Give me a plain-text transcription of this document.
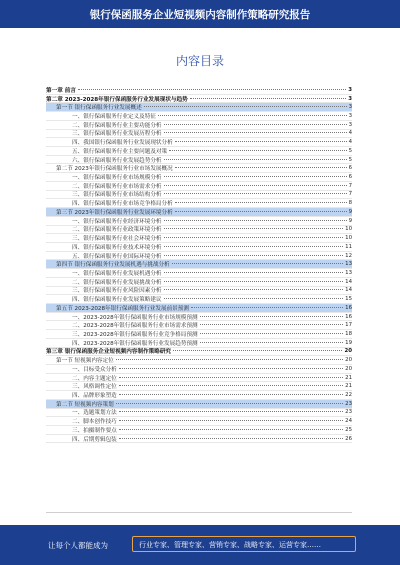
银行保函服务企业短视频内容制作策略研究报告
内容目录
第一章 前言	3
第二章 2023-2028年银行保函服务行业发展现状与趋势	3
第一节 银行保函服务行业发展概述	3
一、银行保函服务行业定义及特征	3
二、银行保函服务行业主要功能分析	3
三、银行保函服务行业发展历程分析	4
四、我国银行保函服务行业发展现状分析	4
五、银行保函服务行业主要问题及对策	5
六、银行保函服务行业发展趋势分析	5
第二节 2023年银行保函服务行业市场发展概况	6
一、银行保函服务行业市场规模分析	6
二、银行保函服务行业市场需求分析	7
三、银行保函服务行业市场结构分析	7
四、银行保函服务行业市场竞争格局分析	8
第三节 2023年银行保函服务行业发展环境分析	9
一、银行保函服务行业经济环境分析	9
二、银行保函服务行业政策环境分析	10
三、银行保函服务行业社会环境分析	10
四、银行保函服务行业技术环境分析	11
五、银行保函服务行业国际环境分析	12
第四节 银行保函服务行业发展机遇与挑战分析	13
一、银行保函服务行业发展机遇分析	13
二、银行保函服务行业发展挑战分析	14
三、银行保函服务行业风险因素分析	14
四、银行保函服务行业发展策略建议	15
第五节 2023-2028年银行保函服务行业发展前景预测	16
一、2023-2028年银行保函服务行业市场规模预测	16
二、2023-2028年银行保函服务行业市场需求预测	17
三、2023-2028年银行保函服务行业竞争格局预测	18
四、2023-2028年银行保函服务行业发展趋势预测	19
第三章 银行保函服务企业短视频内容制作策略研究	20
第一节 短视频内容定位	20
一、目标受众分析	20
二、内容主题定位	21
三、风格调性定位	21
四、品牌形象塑造	22
第二节 短视频内容策划	23
一、选题策划方法	23
二、脚本创作技巧	24
三、拍摄制作要点	25
四、后期剪辑包装	26
让每个人都能成为	行业专家、管理专家、营销专家、战略专家、运营专家……
